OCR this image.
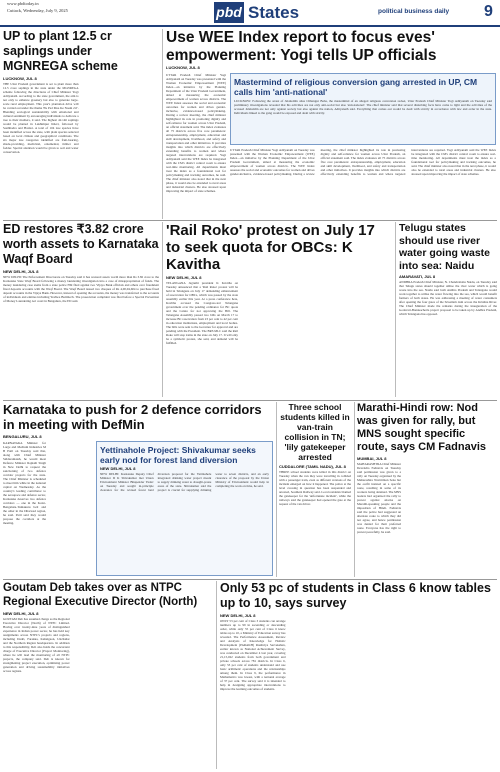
www.pbdtoday.in
Cuttack, Wednesday, July 9, 2025	pbd States	political business daily 9
UP to plant 12.5 cr saplings under MGNREGA scheme
LUCKNOW, JUL 8
THE Uttar Pradesh government is set to plant more than 12.5 crore saplings in the state under the MGNREGA scheme following the directions of Chief Minister Yogi Adityanath. According to the state government, the aim is not only to enhance greenery but also to generate large-scale rural employment. This year's plantation drive will be carried out under the theme 'Ek Ped Maa Ke Naam 2.0'. Blending ecological sustainability with emotional and cultural sentiment by encouraging individuals to dedicate a tree to their mothers, it said. The highest 42.146 saplings would be planted in Lakhimpur Kheri, followed by Sonbhadra and Hardoi. A total of 104 tree species have been identified across the state, with plant species selected based on local climate and geographical conditions. The six major tree categories identified are fruit-bearing, shade-providing, medicinal, ornamental, timber and fodder. Special attention would be given to soil and water conservation.
Use WEE Index report to focus eves' empowerment: Yogi tells UP officials
LUCKNOW, JUL 8
UTTAR Pradesh Chief Minister Yogi Adityanath on Tuesday was presented with the Women Economic Empowerment (WEE) Index—an initiative by the Planning Department of the Uttar Pradesh Government, aimed at measuring the economic empowerment of women across districts. The WEE Index assesses the social and economic outcomes for women and drives gender-inclusive, evidence-based policymaking. During a review meeting, the chief minister highlighted its role in promoting dignity and self-reliance for women across Uttar Pradesh, an official statement said. The index evaluates all 75 districts across five core parameters: entrepreneurship, employment, education and skill development, livelihood, and safety and transportation and other initiatives. It provides insights into which districts are effectively extending benefits to women and where targeted interventions are required. Yogi Adityanath said the WEE Index be integrated with the CM's district control room to ensure real-time monitoring. All departments must treat the index as a foundational tool for policymaking and tracking outcomes, he said. The chief minister also noted that in the next phase, it would also be extended to rural areas and industrial clusters. He also stressed upon improving the impact of state schemes.
Mastermind of religious conversion gang arrested in UP, CM calls him 'anti-national'
LUCKNOW: Following the arrest of Jalaluddin alias Chhangur Baba, the mastermind of an alleged religious conversion racket, Uttar Pradesh Chief Minister Yogi Adityanath on Tuesday said preliminary investigations revealed that his activities are not only anti-social but also 'anti-national'. The chief minister said that several disturbing facts have come to light and the activities of the accused Jalaluddin are not only against society but also against the nation, Adityanath said. Everything that comes out would be dealt with strictly in accordance with law and order in the state. Individuals linked to the gang would be exposed and dealt with strictly.
UTTAR Pradesh Chief Minister Yogi Adityanath on Tuesday was presented with the Women Economic Empowerment (WEE) Index—an initiative by the Planning Department of the Uttar Pradesh Government, aimed at measuring the economic empowerment of women across districts. The WEE Index assesses the social and economic outcomes for women and drives gender-inclusive, evidence-based policymaking. During a review meeting, the chief minister highlighted its role in promoting dignity and self-reliance for women across Uttar Pradesh, an official statement said. The index evaluates all 75 districts across five core parameters: entrepreneurship, employment, education and skill development, livelihood, and safety and transportation and other initiatives. It provides insights into which districts are effectively extending benefits to women and where targeted interventions are required. Yogi Adityanath said the WEE Index be integrated with the CM's district control room to ensure real-time monitoring. All departments must treat the index as a foundational tool for policymaking and tracking outcomes, he said. The chief minister also noted that in the next phase, it would also be extended to rural areas and industrial clusters. He also stressed upon improving the impact of state schemes.
ED restores ₹3.82 crore worth assets to Karnataka Waqf Board
NEW DELHI, JUL 8
NEW DELHI: The Enforcement Directorate on Tuesday said it has restored assets worth more than Rs 3.82 crore to the Karnataka State Waqf Board following a money laundering investigation into a case of misappropriation of funds. The money laundering case stems from a state police FIR filed against two Vijaya Bank officials and others over fraudulent fixed deposits accounts with the Waqf Board. The Waqf Board issued two cheques of Rs 4,00,04,604 to purchase fixed deposit accounts in the Vijaya Bank. However, instead of opening the accounts, the money was transferred to the accounts of individuals and entities including Yeshwa Buildtech. The prosecution complaint was filed before a Special Prevention of Money Laundering Act court in Bengaluru, the ED said.
'Rail Roko' protest on July 17 to seek quota for OBCs: K Kavitha
NEW DELHI, JUL 8
TELANGANA Jagruthi president K Kavitha on Tuesday announced that a 'Rail Roko' protest will be held in Telangana on July 17 demanding enhancement of reservation for OBCs, which was passed by the state assembly earlier this year. At a press conference here, Kavitha accused the Congress-led Telangana government over the pending ordinance for BC quota and the Centre for not approving the Bill. The Telangana Assembly passed two bills on March 17 to increase BC reservation from 23 per cent to 42 per cent in education institutions, employment and local bodies. The bills were sent to the Governor for approval and are pending with the President. The BRS MLC said the Rail Roko will stop trains in the state on July 17. It will only be a symbolic protest, she said, and demand will be fulfilled.
Telugu states should use river water going waste into sea: Naidu
AMARAVATI, JUL 8
ANDHRA Pradesh Chief Minister, N. Chandrababu Naidu, on Tuesday said that Telugu states should together utilise the river water which is going waste into the sea. Naidu said both Andhra Pradesh and Telangana would work together to utilise the water flowing into the sea, which would benefit farmers of both states. He was addressing a meeting of water consumers after opening the four gates of the Srisailam dam across the Krishna River. The Chief Minister made the remarks during the inauguration of the Godavari-Banakacherla project proposal to be taken up by Andhra Pradesh, which Telangana has opposed.
Karnataka to push for 2 defence corridors in meeting with DefMin
BENGALURU, JUL 8
KARNATAKA Minister for Large and Medium Industries M B Patil on Tuesday said that, along with Chief Minister Siddaramaiah, he would meet Defence Minister Rajnath Singh in New Delhi to request the sanctioning of two defence corridor projects for the state. The Chief Minister is scheduled to meet him while in the national capital on Wednesday. As the country's leading contributor to the aerospace and defence sector, Karnataka deserves two defence corridors — one in the Kolar-Bengaluru-Tumakuru belt and the other in the Dharwad region, he said. Patil said they would propose the corridors at the meeting.
Yettinahole Project: Shivakumar seeks early nod for forest land diversion
NEW DELHI, JUL 8
NEW DELHI: Karnataka Deputy Chief Minister D K Shivakumar met Union Environment Minister Bhupender Yadav on Tuesday and sought in-principle clearance for the revised forest land diversion proposal for the Yettinahole integrated drinking water project meant to supply drinking water to drought-prone areas of the state. Shivakumar said the project is crucial for supplying drinking water to seven districts, and an early clearance of the proposal by the Union Ministry of Environment would help in completing the work on time, he said.
Three school students killed in van-train collision in TN; 'lily gatekeeper arrested
CUDDALORE (TAMIL NADU), JUL 8
THREE school students were killed in this district on Tuesday when the van they were travelling in collided with a passenger train, even as different versions of the incident emerged on how it happened. The police at the level crossing in question has been suspended and arrested, Southern Railway said. Local residents blamed the gatekeeper for the 'unfortunate incident', while the railways said the gatekeeper had opened the gate at the request of the van driver.
Marathi-Hindi row: Nod was given for rally, but MNS sought specific route, says CM Fadnavis
MUMBAI, JUL 8
MAHARASHTRA Chief Minister Devendra Fadnavis on Tuesday said permission was given to a rally on Tuesday organised by the Maharashtra Navnirman Sena but the outfit insisted on a specific route, resulting in some of its workers being detained. The MNS leaders had organised the rally to protest against attacks on Marathi-speaking people and the imposition of Hindi. Fadnavis said the police had suggested an alternate route to which they did not agree, and hence permission was denied for their preferred route. Everyone has the right to protest peacefully, he said.
Goutam Deb takes over as NTPC Regional Executive Director (North)
NEW DELHI, JUL 8
GOUTAM Deb has assumed charge as the Regional Executive Director (North) of NTPC Limited. Having over twenty-nine years of distinguished experience in Indian power sector, he has held key assignments across NTPC's projects and regions, including Dadri, Farakka, Kahalgaon, Unchahar and the Northern Region headquarters. In addition to this responsibility, Deb also holds the concurrent charge of Executive Director (Project Monitoring), where he will lead the monitoring of all NTPC projects, the company said. Deb is known for strengthening project execution, optimising power generation and driving sustainability initiatives across regions.
Only 53 pc of students in Class 6 know tables up to 10, says survey
NEW DELHI, JUL 8
ONLY 53 per cent of Class 3 students can arrange numbers up to 99 in ascending or descending order, while only 55 per cent of Class 6 know tables up to 10, a Ministry of Education survey has revealed. The Performance Assessment, Review and Analysis of Knowledge for Holistic Development (PARAKH) Rashtriya Sarvekshan, earlier known as National Achievement Survey, was conducted on December 4 last year, covering 21,15,022 students from both government and private schools across 781 districts. In Class 6, only 53 per cent of students understand and use basic arithmetic operations and the relationships among them. In Class 9, the performance in Mathematics was lowest, with a national average of 37 per cent. The survey said it is intended to help in designing appropriate interventions to improve the learning outcomes of students.
